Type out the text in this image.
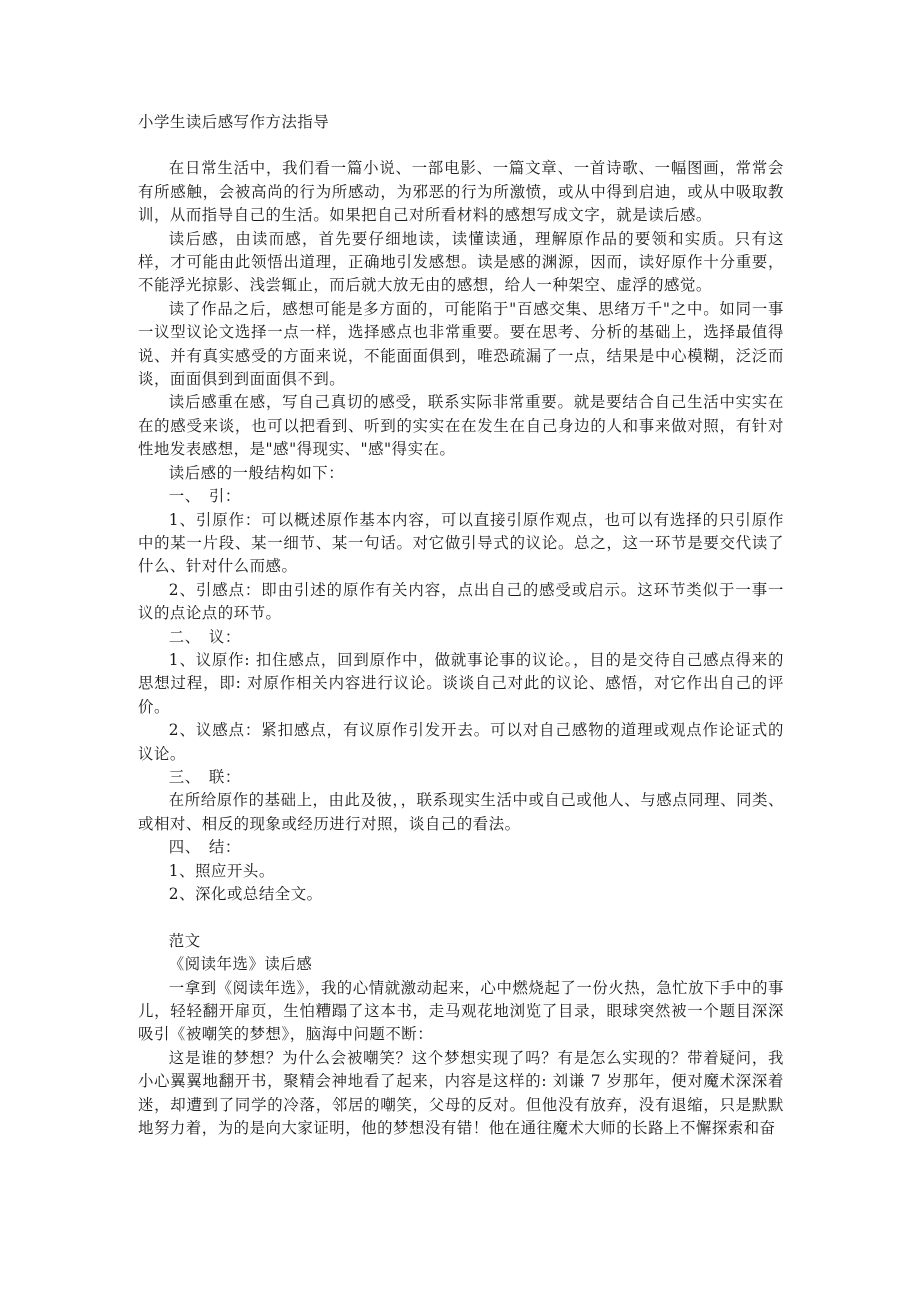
小学生读后感写作方法指导

在日常生活中，我们看一篇小说、一部电影、一篇文章、一首诗歌、一幅图画，常常会有所感触，会被高尚的行为所感动，为邪恶的行为所激愤，或从中得到启迪，或从中吸取教训，从而指导自己的生活。如果把自己对所看材料的感想写成文字，就是读后感。

读后感，由读而感，首先要仔细地读，读懂读通，理解原作品的要领和实质。只有这样，才可能由此领悟出道理，正确地引发感想。读是感的渊源，因而，读好原作十分重要，不能浮光掠影、浅尝辄止，而后就大放无由的感想，给人一种架空、虚浮的感觉。

读了作品之后，感想可能是多方面的，可能陷于"百感交集、思绪万千"之中。如同一事一议型议论文选择一点一样，选择感点也非常重要。要在思考、分析的基础上，选择最值得说、并有真实感受的方面来说，不能面面俱到，唯恐疏漏了一点，结果是中心模糊，泛泛而谈，面面俱到到面面俱不到。

读后感重在感，写自己真切的感受，联系实际非常重要。就是要结合自己生活中实实在在的感受来谈，也可以把看到、听到的实实在在发生在自己身边的人和事来做对照，有针对性地发表感想，是"感"得现实、"感"得实在。

读后感的一般结构如下：

一、　引：

1、引原作：可以概述原作基本内容，可以直接引原作观点，也可以有选择的只引原作中的某一片段、某一细节、某一句话。对它做引导式的议论。总之，这一环节是要交代读了什么、针对什么而感。

2、引感点：即由引述的原作有关内容，点出自己的感受或启示。这环节类似于一事一议的点论点的环节。

二、　议：

1、议原作: 扣住感点，回到原作中，做就事论事的议论。，目的是交待自己感点得来的思想过程，即: 对原作相关内容进行议论。谈谈自己对此的议论、感悟，对它作出自己的评价。

2、议感点：紧扣感点，有议原作引发开去。可以对自己感物的道理或观点作论证式的议论。

三、　联：

在所给原作的基础上，由此及彼，，联系现实生活中或自己或他人、与感点同理、同类、或相对、相反的现象或经历进行对照，谈自己的看法。

四、　结：

1、照应开头。

2、深化或总结全文。

范文

《阅读年选》读后感

一拿到《阅读年选》，我的心情就激动起来，心中燃烧起了一份火热，急忙放下手中的事儿，轻轻翻开扉页，生怕糟蹋了这本书，走马观花地浏览了目录，眼球突然被一个题目深深吸引《被嘲笑的梦想》，脑海中问题不断：

这是谁的梦想？为什么会被嘲笑？这个梦想实现了吗？有是怎么实现的？带着疑问，我小心翼翼地翻开书，聚精会神地看了起来，内容是这样的: 刘谦 7 岁那年，便对魔术深深着迷，却遭到了同学的冷落，邻居的嘲笑，父母的反对。但他没有放弃，没有退缩，只是默默地努力着，为的是向大家证明，他的梦想没有错！他在通往魔术大师的长路上不懈探索和奋
